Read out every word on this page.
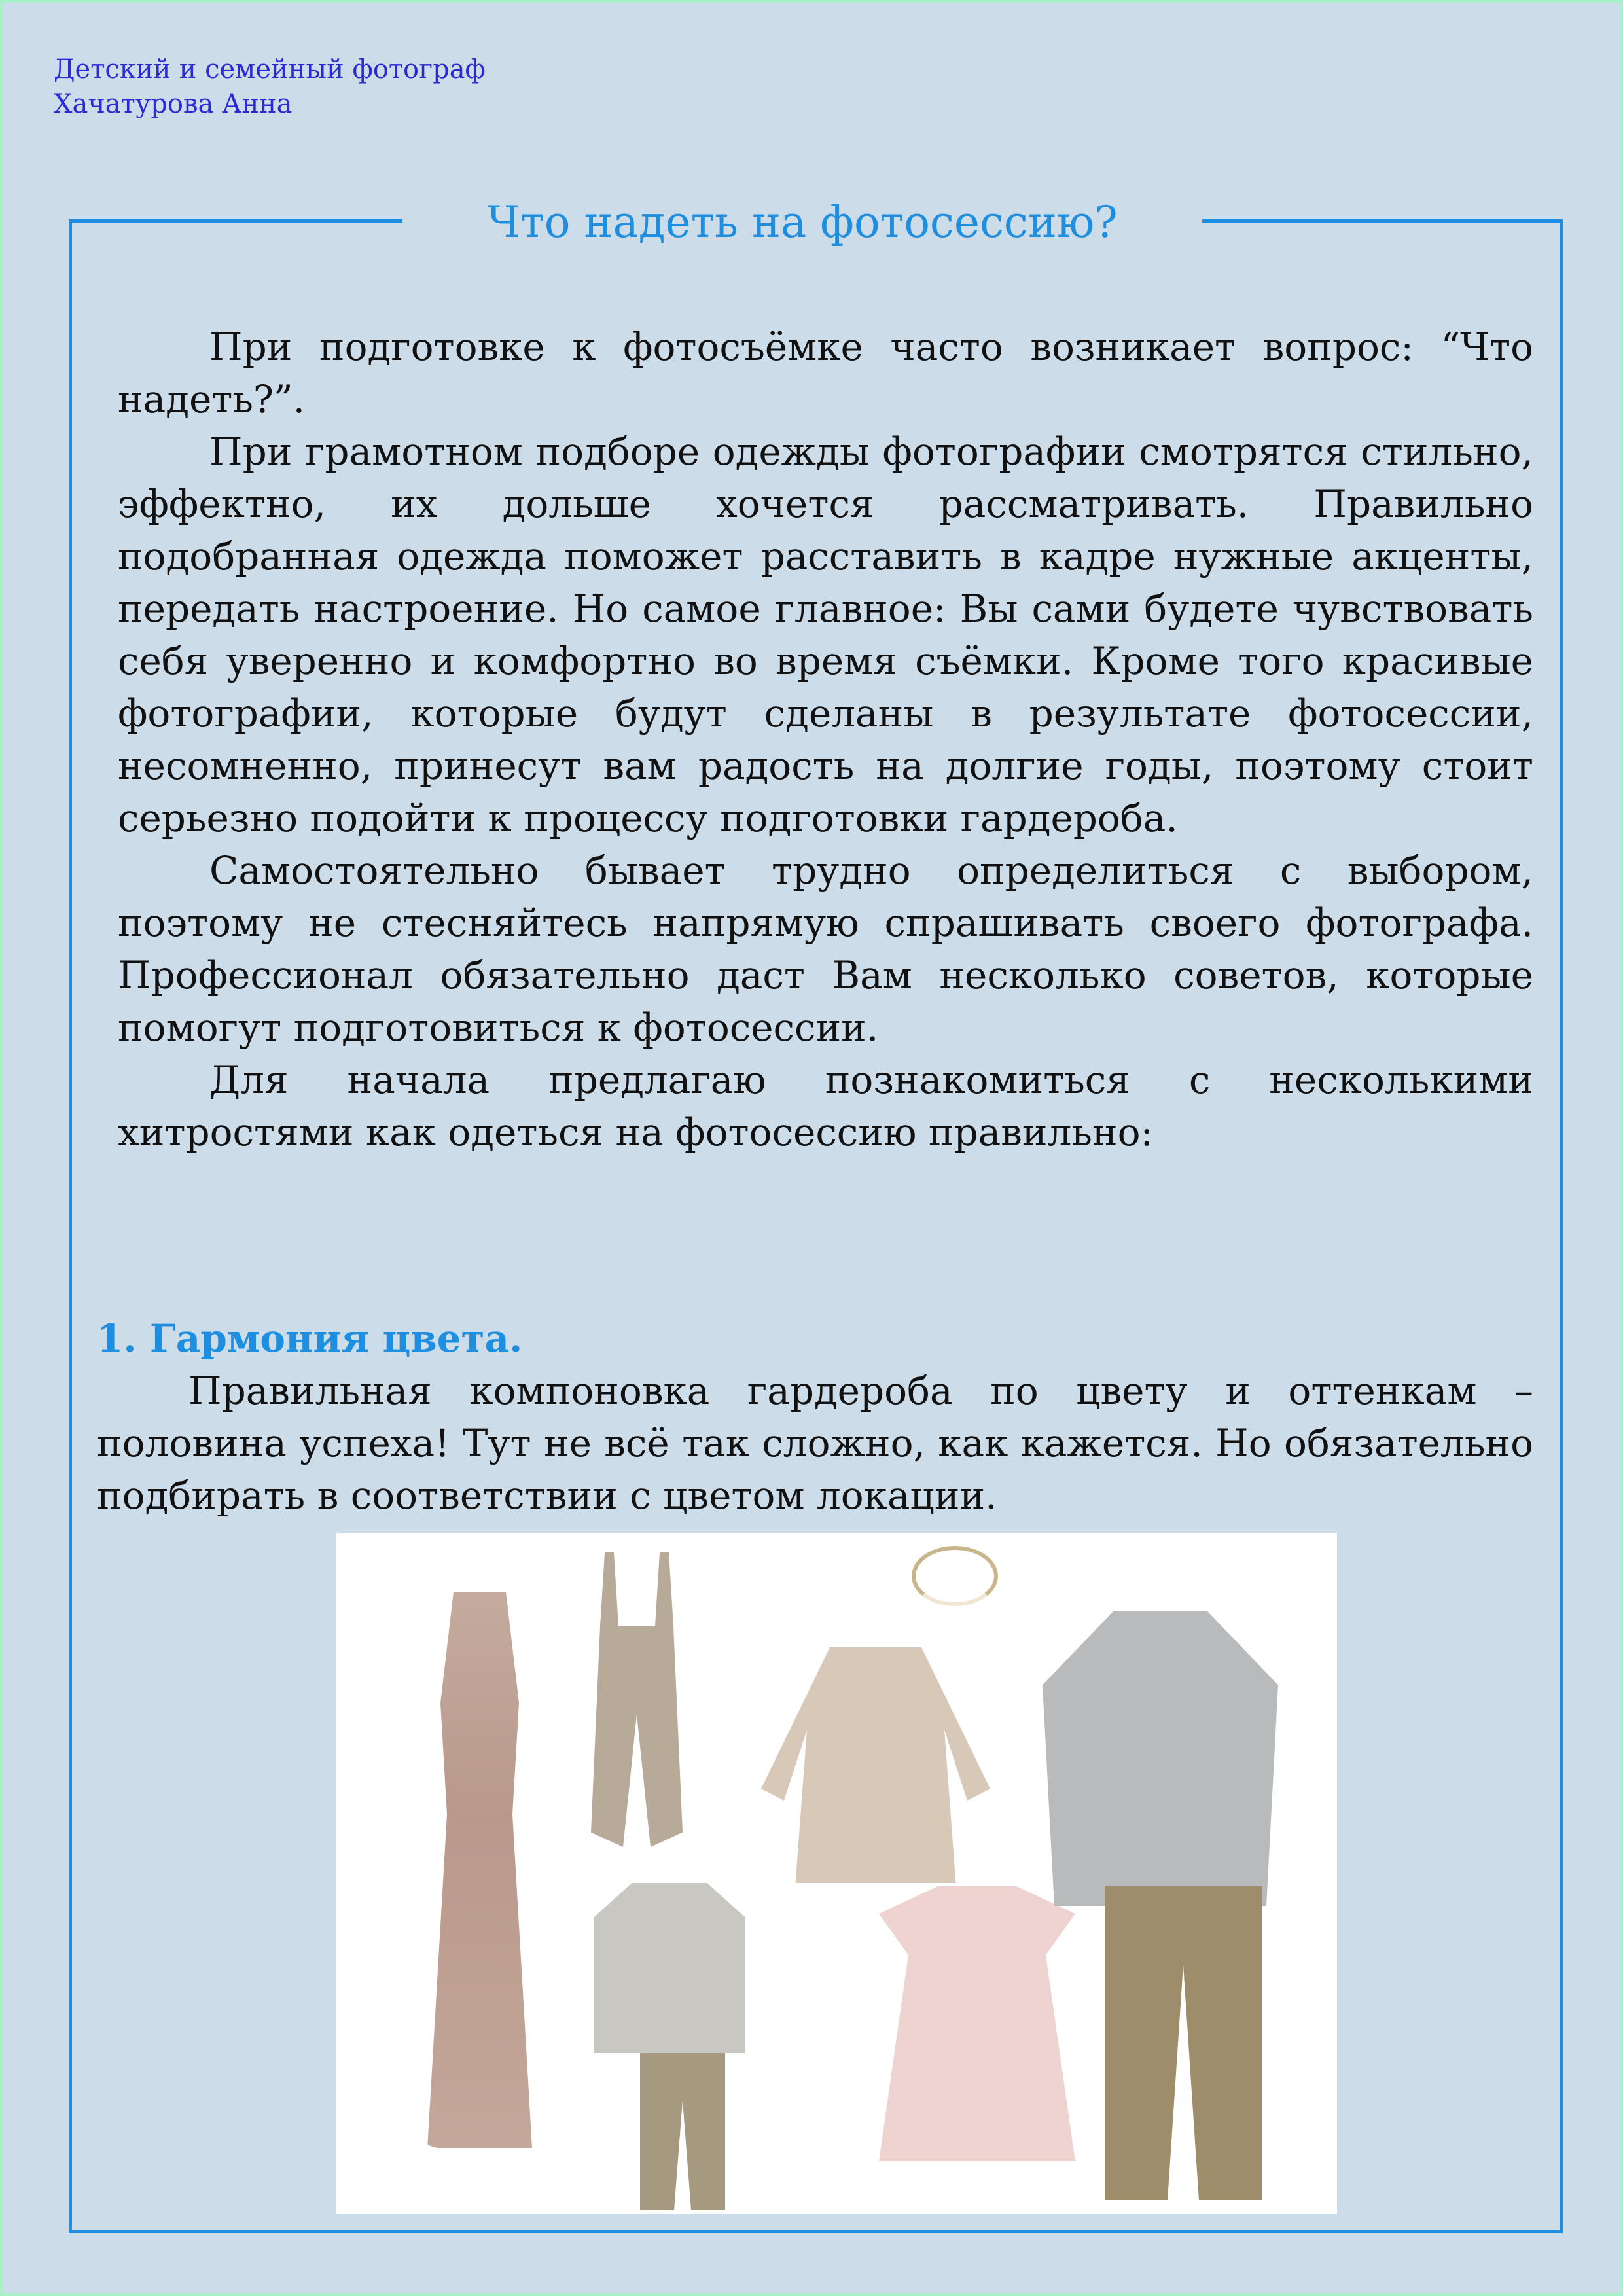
Детский и семейный фотограф
Хачатурова Анна
Что надеть на фотосессию?

При подготовке к фотосъёмке часто возникает вопрос: “Что надеть?”.

При грамотном подборе одежды фотографии смотрятся стильно, эффектно, их дольше хочется рассматривать. Правильно подобранная одежда поможет расставить в кадре нужные акценты, передать настроение. Но самое главное: Вы сами будете чувствовать себя уверенно и комфортно во время съёмки. Кроме того красивые фотографии, которые будут сделаны в результате фотосессии, несомненно, принесут вам радость на долгие годы, поэтому стоит серьезно подойти к процессу подготовки гардероба.

Самостоятельно бывает трудно определиться с выбором, поэтому не стесняйтесь напрямую спрашивать своего фотографа. Профессионал обязательно даст Вам несколько советов, которые помогут подготовиться к фотосессии.

Для начала предлагаю познакомиться с несколькими хитростями как одеться на фотосессию правильно:

1. Гармония цвета.

Правильная компоновка гардероба по цвету и оттенкам – половина успеха! Тут не всё так сложно, как кажется. Но обязательно подбирать в соответствии с цветом локации.
